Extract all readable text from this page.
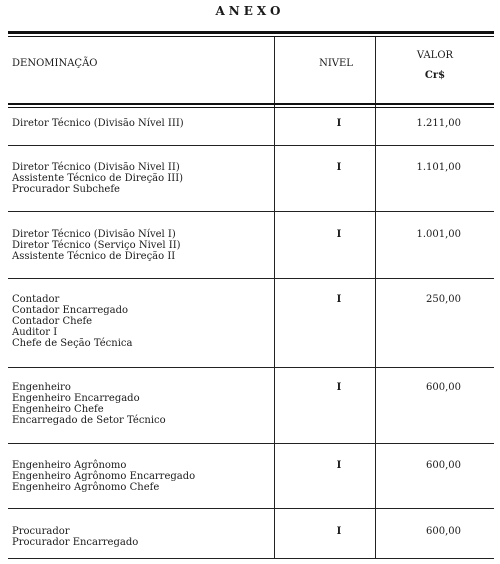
ANEXO
DENOMINAÇÃO	NIVEL
VALOR
Cr$
Diretor Técnico (Divisão Nível III)	I	1.211,00
Diretor Técnico (Divisão Nivel II)
Assistente Técnico de Direção III)
Procurador Subchefe
I	1.101,00
Diretor Técnico (Divisão Nível I)
Diretor Técnico (Serviço Nivel II)
Assistente Técnico de Direção II
I	1.001,00
Contador
Contador Encarregado
Contador Chefe
Auditor I
Chefe de Seção Técnica
I	250,00
Engenheiro
Engenheiro Encarregado
Engenheiro Chefe
Encarregado de Setor Técnico
I	600,00
Engenheiro Agrônomo
Engenheiro Agrônomo Encarregado
Engenheiro Agrônomo Chefe
I	600,00
Procurador
Procurador Encarregado
I	600,00
